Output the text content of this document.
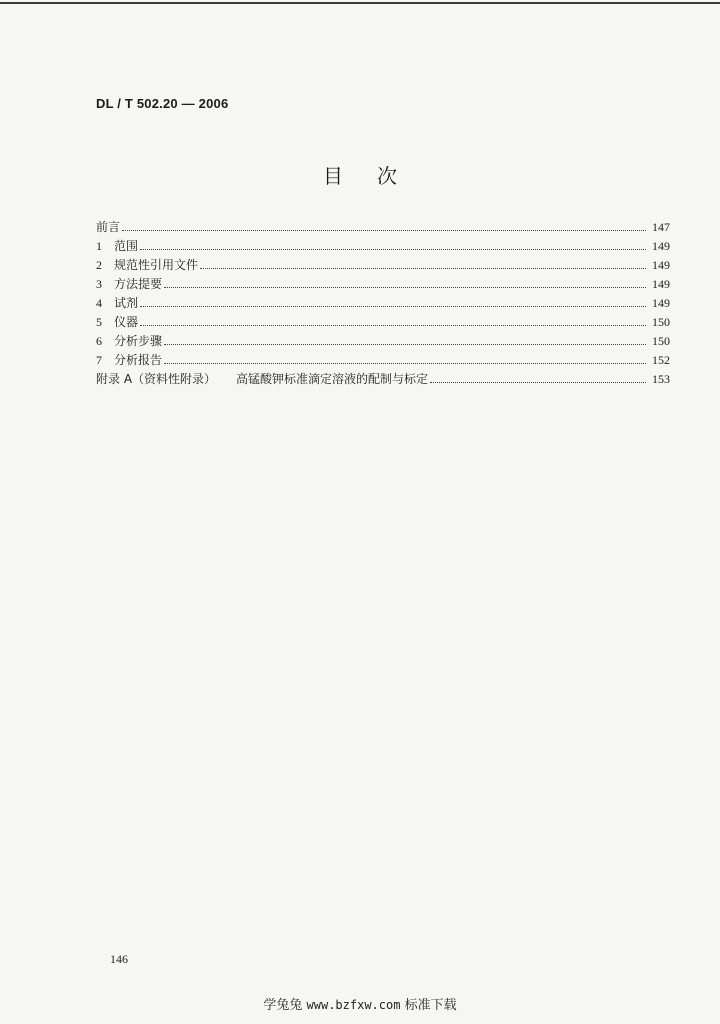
DL / T 502.20 — 2006
目次
前言	147
1	范围	149
2	规范性引用文件	149
3	方法提要	149
4	试剂	149
5	仪器	150
6	分析步骤	150
7	分析报告	152
附录 A（资料性附录） 高锰酸钾标准滴定溶液的配制与标定	153
146
学兔兔 www.bzfxw.com 标准下载
